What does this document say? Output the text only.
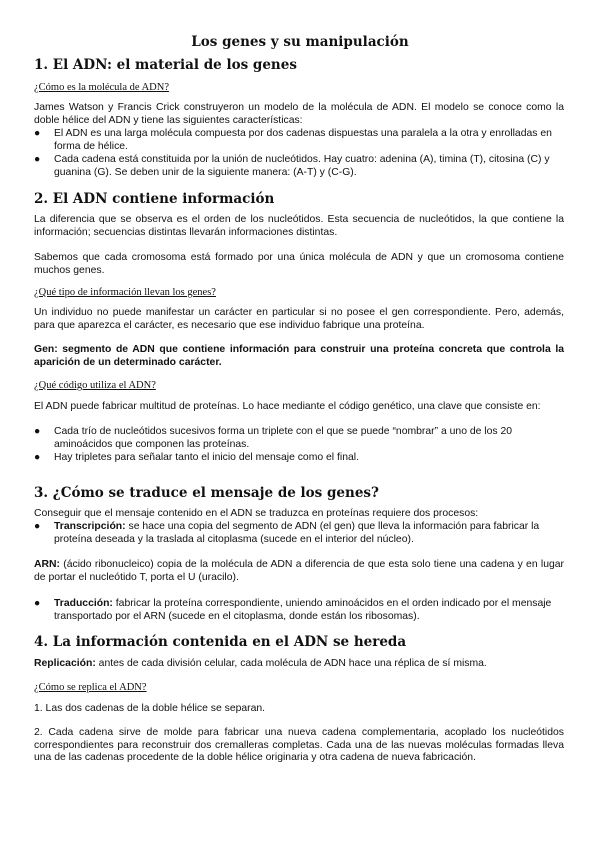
Los genes y su manipulación
1. El ADN: el material de los genes
¿Cómo es la molécula de ADN?
James Watson y Francis Crick construyeron un modelo de la molécula de ADN. El modelo se conoce como la doble hélice del ADN y tiene las siguientes características:
● El ADN es una larga molécula compuesta por dos cadenas dispuestas una paralela a la otra y enrolladas en forma de hélice.
● Cada cadena está constituida por la unión de nucleótidos. Hay cuatro: adenina (A), timina (T), citosina (C) y guanina (G). Se deben unir de la siguiente manera: (A-T) y (C-G).
2. El ADN contiene información
La diferencia que se observa es el orden de los nucleótidos. Esta secuencia de nucleótidos, la que contiene la información; secuencias distintas llevarán informaciones distintas.
Sabemos que cada cromosoma está formado por una única molécula de ADN y que un cromosoma contiene muchos genes.
¿Qué tipo de información llevan los genes?
Un individuo no puede manifestar un carácter en particular si no posee el gen correspondiente. Pero, además, para que aparezca el carácter, es necesario que ese individuo fabrique una proteína.
Gen: segmento de ADN que contiene información para construir una proteína concreta que controla la aparición de un determinado carácter.
¿Qué código utiliza el ADN?
El ADN puede fabricar multitud de proteínas. Lo hace mediante el código genético, una clave que consiste en:
● Cada trío de nucleótidos sucesivos forma un triplete con el que se puede “nombrar” a uno de los 20 aminoácidos que componen las proteínas.
● Hay tripletes para señalar tanto el inicio del mensaje como el final.
3. ¿Cómo se traduce el mensaje de los genes?
Conseguir que el mensaje contenido en el ADN se traduzca en proteínas requiere dos procesos:
● Transcripción: se hace una copia del segmento de ADN (el gen) que lleva la información para fabricar la proteína deseada y la traslada al citoplasma (sucede en el interior del núcleo).
ARN: (ácido ribonucleico) copia de la molécula de ADN a diferencia de que esta solo tiene una cadena y en lugar de portar el nucleótido T, porta el U (uracilo).
● Traducción: fabricar la proteína correspondiente, uniendo aminoácidos en el orden indicado por el mensaje transportado por el ARN (sucede en el citoplasma, donde están los ribosomas).
4. La información contenida en el ADN se hereda
Replicación: antes de cada división celular, cada molécula de ADN hace una réplica de sí misma.
¿Cómo se replica el ADN?
1. Las dos cadenas de la doble hélice se separan.
2. Cada cadena sirve de molde para fabricar una nueva cadena complementaria, acoplado los nucleótidos correspondientes para reconstruir dos cremalleras completas. Cada una de las nuevas moléculas formadas lleva una de las cadenas procedente de la doble hélice originaria y otra cadena de nueva fabricación.
